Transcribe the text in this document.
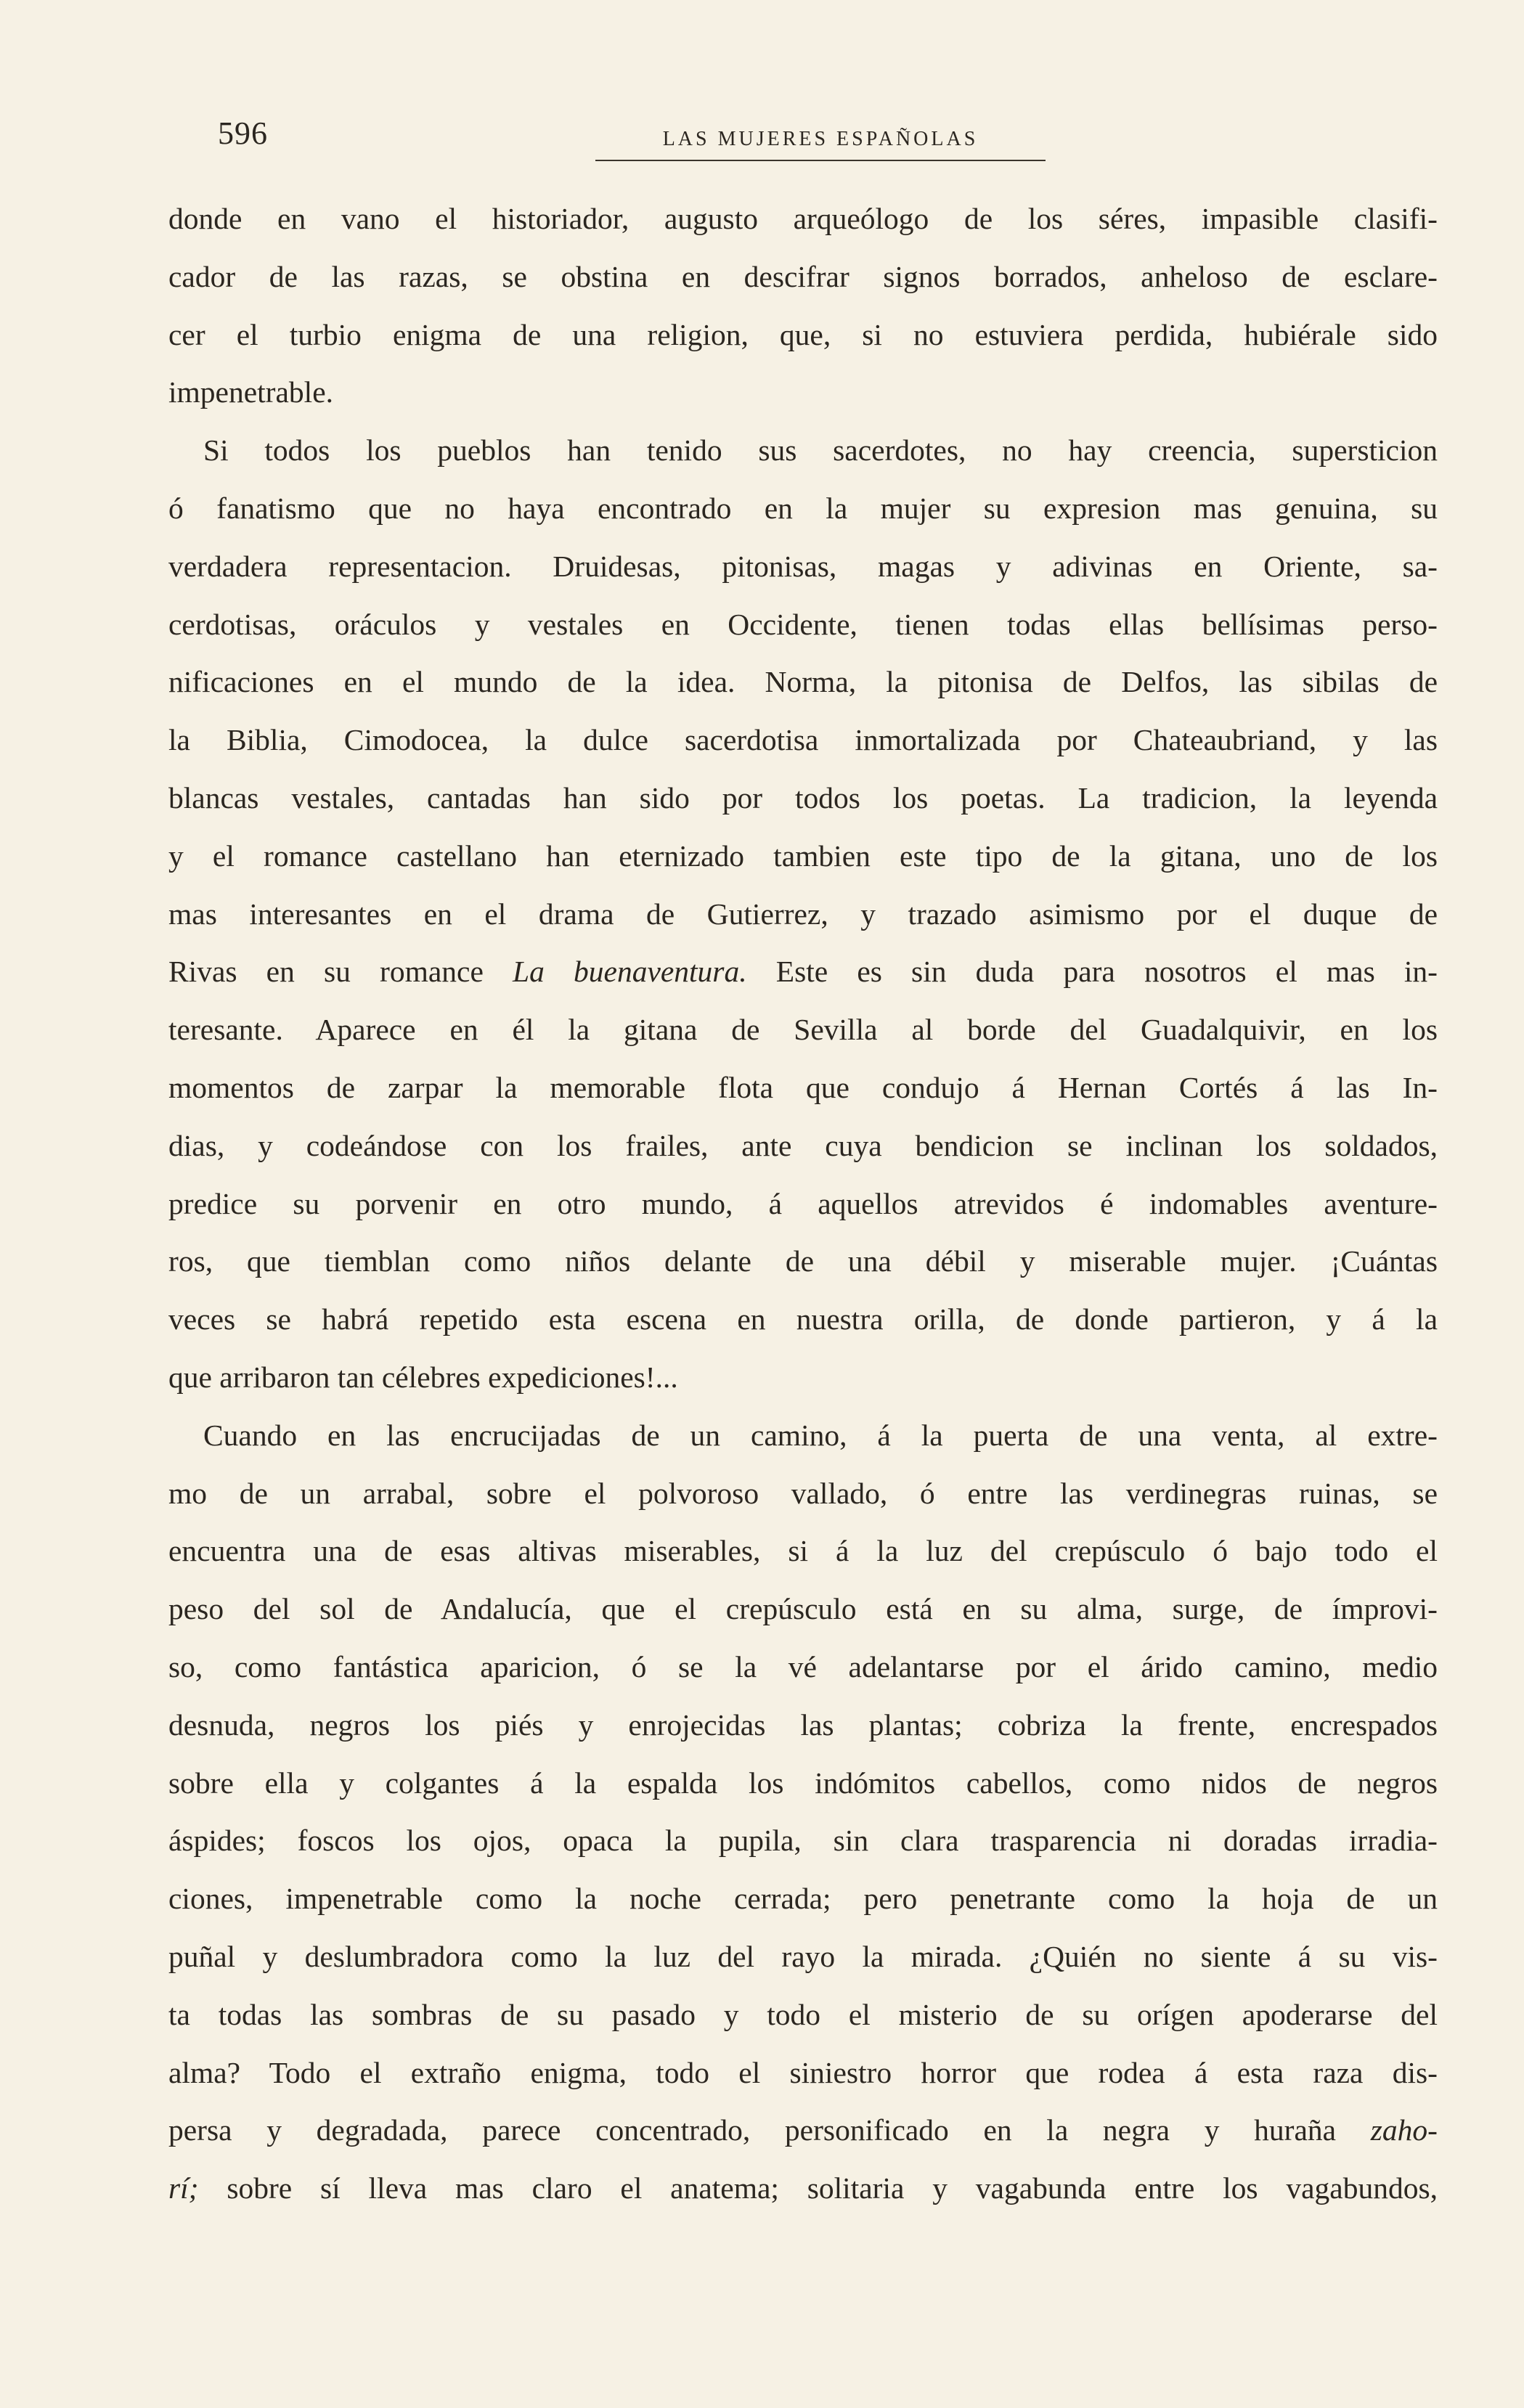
596	LAS MUJERES ESPAÑOLAS

donde en vano el historiador, augusto arqueólogo de los séres, impasible clasifi-

cador de las razas, se obstina en descifrar signos borrados, anheloso de esclare-

cer el turbio enigma de una religion, que, si no estuviera perdida, hubiérale sido

impenetrable.

Si todos los pueblos han tenido sus sacerdotes, no hay creencia, supersticion

ó fanatismo que no haya encontrado en la mujer su expresion mas genuina, su

verdadera representacion. Druidesas, pitonisas, magas y adivinas en Oriente, sa-

cerdotisas, oráculos y vestales en Occidente, tienen todas ellas bellísimas perso-

nificaciones en el mundo de la idea. Norma, la pitonisa de Delfos, las sibilas de

la Biblia, Cimodocea, la dulce sacerdotisa inmortalizada por Chateaubriand, y las

blancas vestales, cantadas han sido por todos los poetas. La tradicion, la leyenda

y el romance castellano han eternizado tambien este tipo de la gitana, uno de los

mas interesantes en el drama de Gutierrez, y trazado asimismo por el duque de

Rivas en su romance La buenaventura. Este es sin duda para nosotros el mas in-

teresante. Aparece en él la gitana de Sevilla al borde del Guadalquivir, en los

momentos de zarpar la memorable flota que condujo á Hernan Cortés á las In-

dias, y codeándose con los frailes, ante cuya bendicion se inclinan los soldados,

predice su porvenir en otro mundo, á aquellos atrevidos é indomables aventure-

ros, que tiemblan como niños delante de una débil y miserable mujer. ¡Cuántas

veces se habrá repetido esta escena en nuestra orilla, de donde partieron, y á la

que arribaron tan célebres expediciones!...

Cuando en las encrucijadas de un camino, á la puerta de una venta, al extre-

mo de un arrabal, sobre el polvoroso vallado, ó entre las verdinegras ruinas, se

encuentra una de esas altivas miserables, si á la luz del crepúsculo ó bajo todo el

peso del sol de Andalucía, que el crepúsculo está en su alma, surge, de ímprovi-

so, como fantástica aparicion, ó se la vé adelantarse por el árido camino, medio

desnuda, negros los piés y enrojecidas las plantas; cobriza la frente, encrespados

sobre ella y colgantes á la espalda los indómitos cabellos, como nidos de negros

áspides; foscos los ojos, opaca la pupila, sin clara trasparencia ni doradas irradia-

ciones, impenetrable como la noche cerrada; pero penetrante como la hoja de un

puñal y deslumbradora como la luz del rayo la mirada. ¿Quién no siente á su vis-

ta todas las sombras de su pasado y todo el misterio de su orígen apoderarse del

alma? Todo el extraño enigma, todo el siniestro horror que rodea á esta raza dis-

persa y degradada, parece concentrado, personificado en la negra y huraña zaho-

rí; sobre sí lleva mas claro el anatema; solitaria y vagabunda entre los vagabundos,
